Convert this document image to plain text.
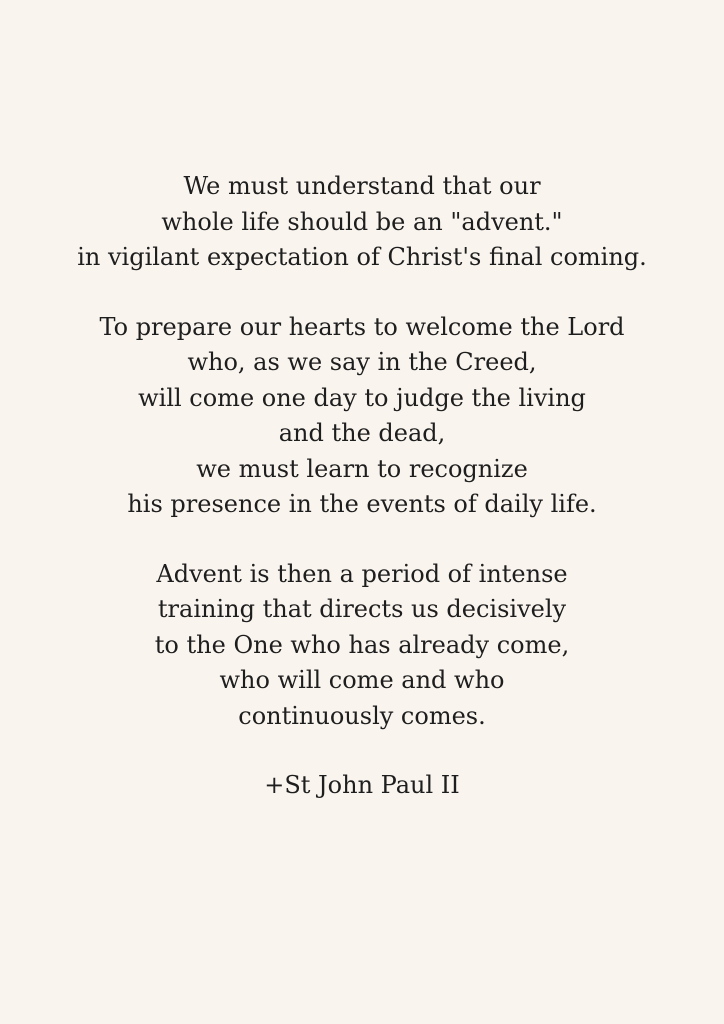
We must understand that our
whole life should be an "advent."
in vigilant expectation of Christ's final coming.
To prepare our hearts to welcome the Lord
who, as we say in the Creed,
will come one day to judge the living
and the dead,
we must learn to recognize
his presence in the events of daily life.
Advent is then a period of intense
training that directs us decisively
to the One who has already come,
who will come and who
continuously comes.
+St John Paul II
